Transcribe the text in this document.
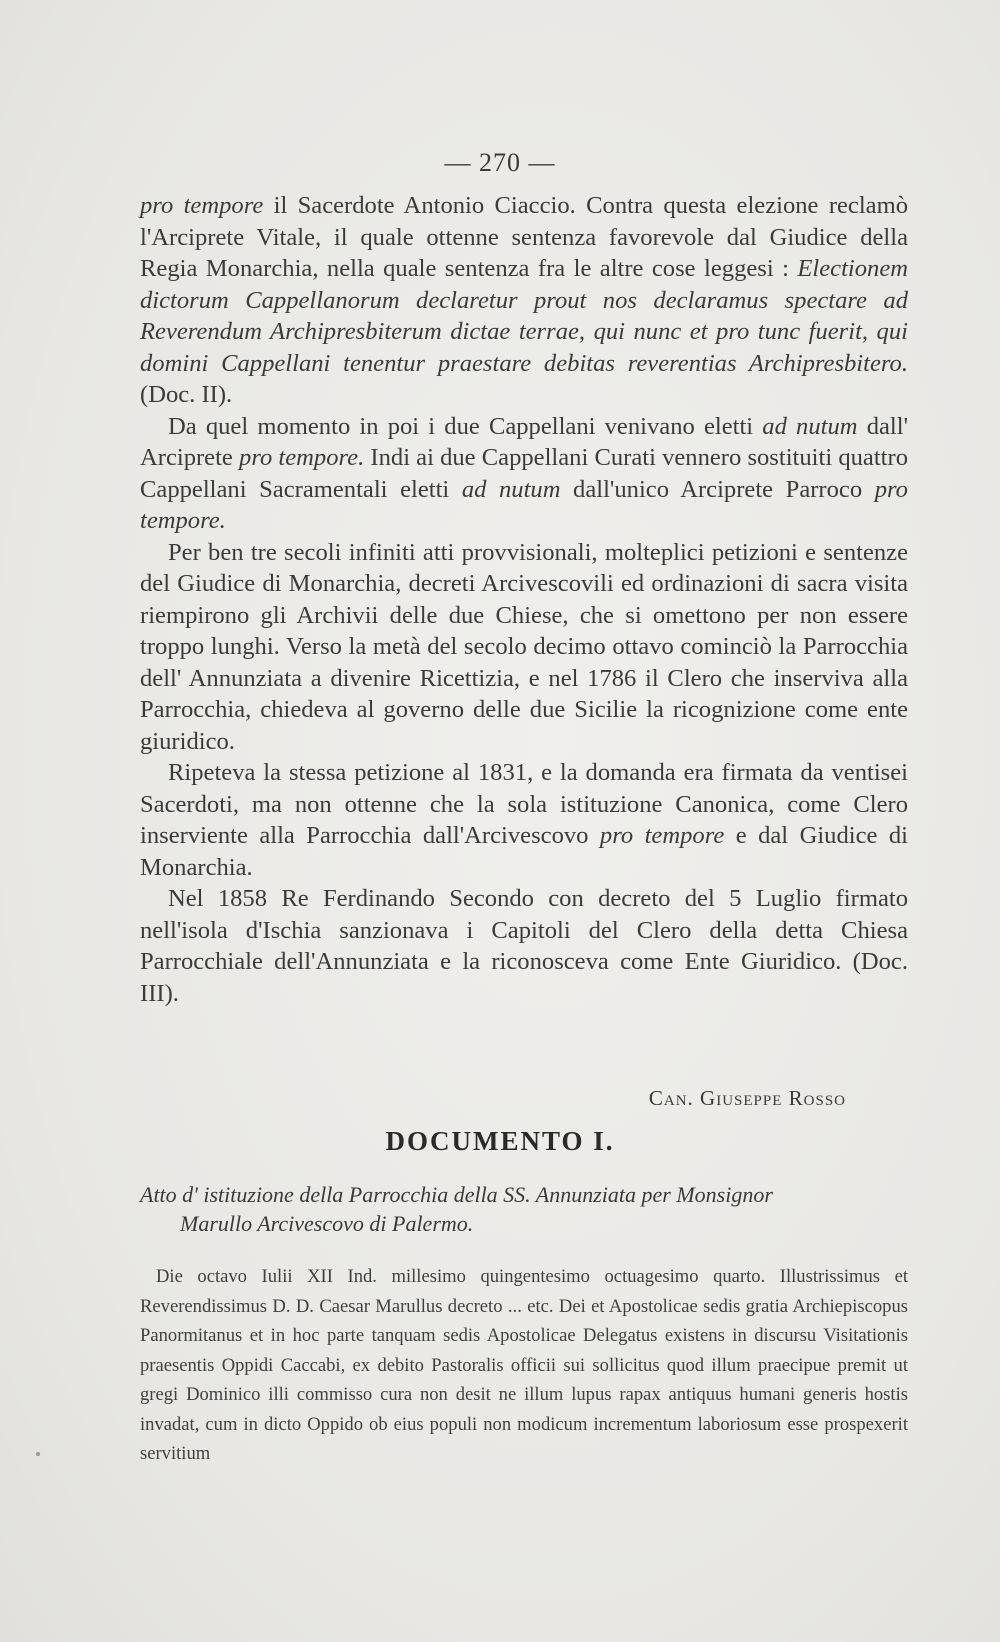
— 270 —

pro tempore il Sacerdote Antonio Ciaccio. Contra questa elezione reclamò l'Arciprete Vitale, il quale ottenne sentenza favorevole dal Giudice della Regia Monarchia, nella quale sentenza fra le altre cose leggesi : Electionem dictorum Cappellanorum declaretur prout nos declaramus spectare ad Reverendum Archipresbiterum dictae terrae, qui nunc et pro tunc fuerit, qui domini Cappellani tenentur praestare debitas reverentias Archipresbitero. (Doc. II).

Da quel momento in poi i due Cappellani venivano eletti ad nutum dall' Arciprete pro tempore. Indi ai due Cappellani Curati vennero sostituiti quattro Cappellani Sacramentali eletti ad nutum dall'unico Arciprete Parroco pro tempore.

Per ben tre secoli infiniti atti provvisionali, molteplici petizioni e sentenze del Giudice di Monarchia, decreti Arcivescovili ed ordinazioni di sacra visita riempirono gli Archivii delle due Chiese, che si omettono per non essere troppo lunghi. Verso la metà del secolo decimo ottavo cominciò la Parrocchia dell' Annunziata a divenire Ricettizia, e nel 1786 il Clero che inserviva alla Parrocchia, chiedeva al governo delle due Sicilie la ricognizione come ente giuridico.

Ripeteva la stessa petizione al 1831, e la domanda era firmata da ventisei Sacerdoti, ma non ottenne che la sola istituzione Canonica, come Clero inserviente alla Parrocchia dall'Arcivescovo pro tempore e dal Giudice di Monarchia.

Nel 1858 Re Ferdinando Secondo con decreto del 5 Luglio firmato nell'isola d'Ischia sanzionava i Capitoli del Clero della detta Chiesa Parrocchiale dell'Annunziata e la riconosceva come Ente Giuridico. (Doc. III).

Can. Giuseppe Rosso
DOCUMENTO I.
Atto d' istituzione della Parrocchia della SS. Annunziata per Monsignor
Marullo Arcivescovo di Palermo.
Die octavo Iulii XII Ind. millesimo quingentesimo octuagesimo quarto. Illustrissimus et Reverendissimus D. D. Caesar Marullus decreto ... etc. Dei et Apostolicae sedis gratia Archiepiscopus Panormitanus et in hoc parte tanquam sedis Apostolicae Delegatus existens in discursu Visitationis praesentis Oppidi Caccabi, ex debito Pastoralis officii sui sollicitus quod illum praecipue premit ut gregi Dominico illi commisso cura non desit ne illum lupus rapax antiquus humani generis hostis invadat, cum in dicto Oppido ob eius populi non modicum incrementum laboriosum esse prospexerit servitium
